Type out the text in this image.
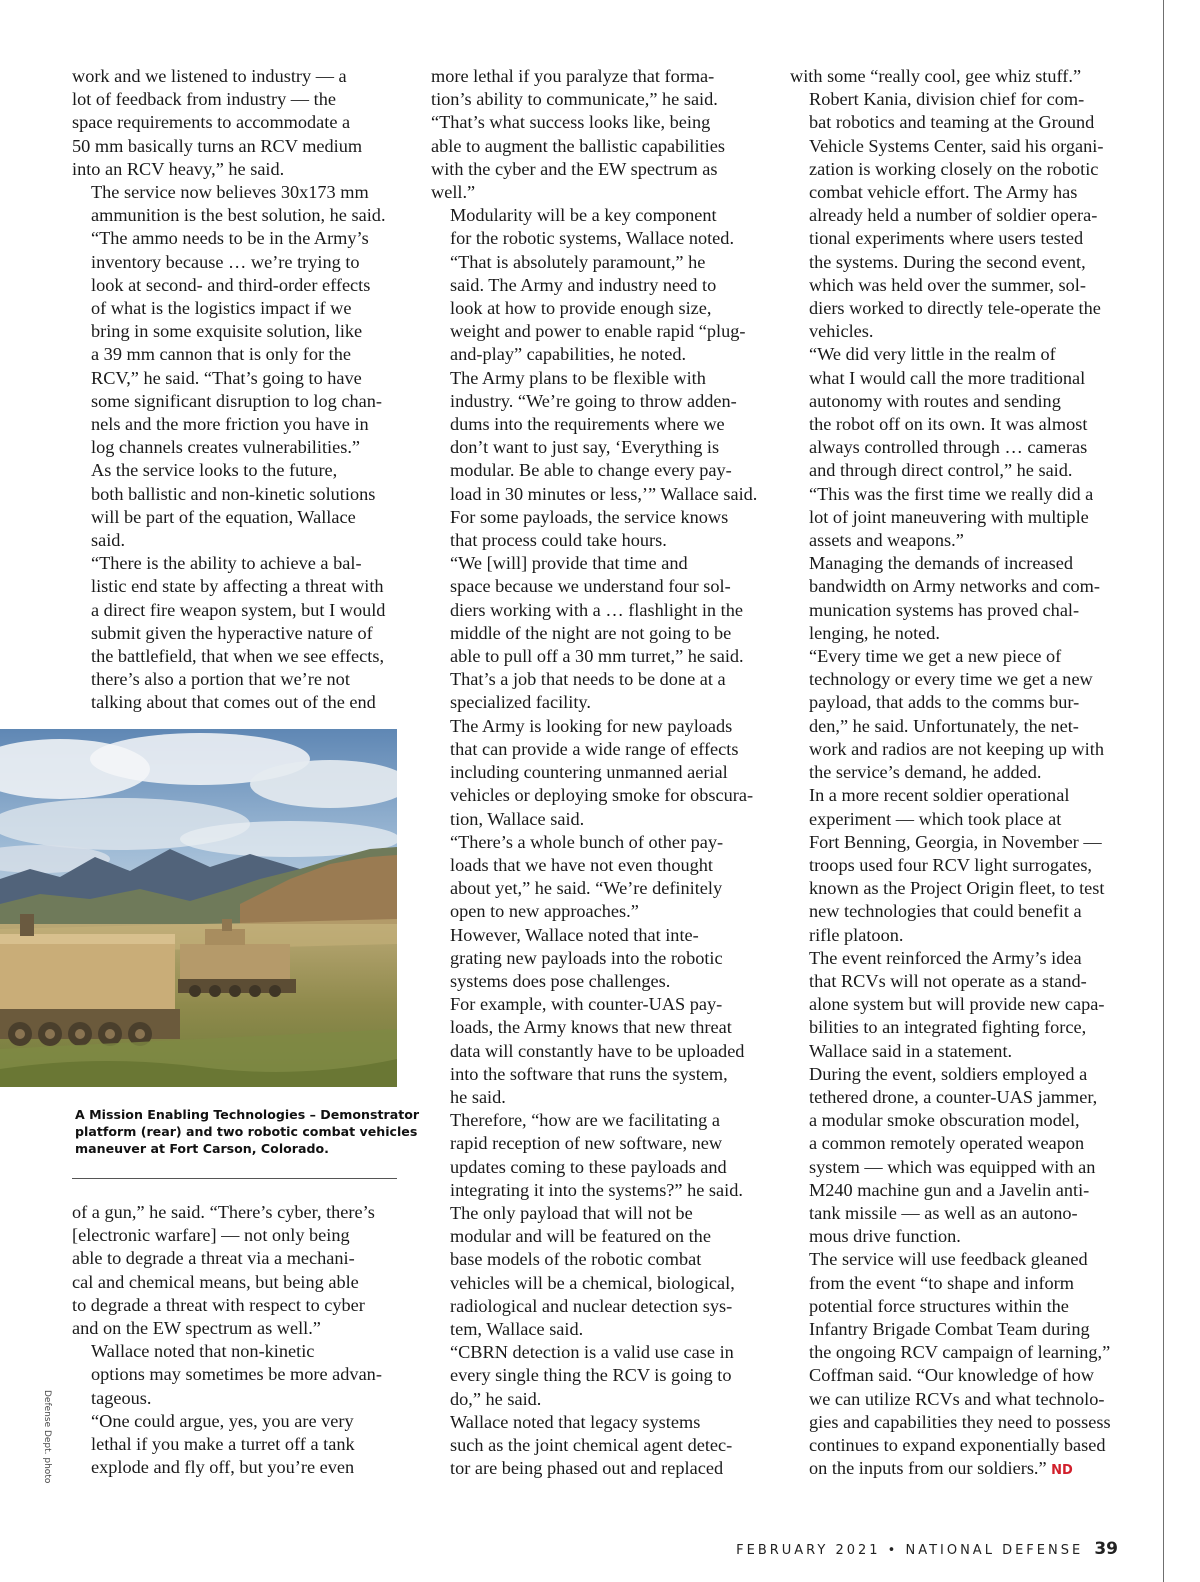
work and we listened to industry — a
lot of feedback from industry — the
space requirements to accommodate a
50 mm basically turns an RCV medium
into an RCV heavy,” he said.

The service now believes 30x173 mm
ammunition is the best solution, he said.

“The ammo needs to be in the Army’s
inventory because … we’re trying to
look at second- and third-order effects
of what is the logistics impact if we
bring in some exquisite solution, like
a 39 mm cannon that is only for the
RCV,” he said. “That’s going to have
some significant disruption to log chan-
nels and the more friction you have in
log channels creates vulnerabilities.”

As the service looks to the future,
both ballistic and non-kinetic solutions
will be part of the equation, Wallace
said.

“There is the ability to achieve a bal-
listic end state by affecting a threat with
a direct fire weapon system, but I would
submit given the hyperactive nature of
the battlefield, that when we see effects,
there’s also a portion that we’re not
talking about that comes out of the end

A Mission Enabling Technologies – Demonstrator
platform (rear) and two robotic combat vehicles
maneuver at Fort Carson, Colorado.
Defense Dept. photo

of a gun,” he said. “There’s cyber, there’s
[electronic warfare] — not only being
able to degrade a threat via a mechani-
cal and chemical means, but being able
to degrade a threat with respect to cyber
and on the EW spectrum as well.”

Wallace noted that non-kinetic
options may sometimes be more advan-
tageous.

“One could argue, yes, you are very
lethal if you make a turret off a tank
explode and fly off, but you’re even

more lethal if you paralyze that forma-
tion’s ability to communicate,” he said.
“That’s what success looks like, being
able to augment the ballistic capabilities
with the cyber and the EW spectrum as
well.”

Modularity will be a key component
for the robotic systems, Wallace noted.

“That is absolutely paramount,” he
said. The Army and industry need to
look at how to provide enough size,
weight and power to enable rapid “plug-
and-play” capabilities, he noted.

The Army plans to be flexible with
industry. “We’re going to throw adden-
dums into the requirements where we
don’t want to just say, ‘Everything is
modular. Be able to change every pay-
load in 30 minutes or less,’” Wallace said.
For some payloads, the service knows
that process could take hours.

“We [will] provide that time and
space because we understand four sol-
diers working with a … flashlight in the
middle of the night are not going to be
able to pull off a 30 mm turret,” he said.
That’s a job that needs to be done at a
specialized facility.

The Army is looking for new payloads
that can provide a wide range of effects
including countering unmanned aerial
vehicles or deploying smoke for obscura-
tion, Wallace said.

“There’s a whole bunch of other pay-
loads that we have not even thought
about yet,” he said. “We’re definitely
open to new approaches.”

However, Wallace noted that inte-
grating new payloads into the robotic
systems does pose challenges.

For example, with counter-UAS pay-
loads, the Army knows that new threat
data will constantly have to be uploaded
into the software that runs the system,
he said.

Therefore, “how are we facilitating a
rapid reception of new software, new
updates coming to these payloads and
integrating it into the systems?” he said.

The only payload that will not be
modular and will be featured on the
base models of the robotic combat
vehicles will be a chemical, biological,
radiological and nuclear detection sys-
tem, Wallace said.

“CBRN detection is a valid use case in
every single thing the RCV is going to
do,” he said.

Wallace noted that legacy systems
such as the joint chemical agent detec-
tor are being phased out and replaced

with some “really cool, gee whiz stuff.”

Robert Kania, division chief for com-
bat robotics and teaming at the Ground
Vehicle Systems Center, said his organi-
zation is working closely on the robotic
combat vehicle effort. The Army has
already held a number of soldier opera-
tional experiments where users tested
the systems. During the second event,
which was held over the summer, sol-
diers worked to directly tele-operate the
vehicles.

“We did very little in the realm of
what I would call the more traditional
autonomy with routes and sending
the robot off on its own. It was almost
always controlled through … cameras
and through direct control,” he said.
“This was the first time we really did a
lot of joint maneuvering with multiple
assets and weapons.”

Managing the demands of increased
bandwidth on Army networks and com-
munication systems has proved chal-
lenging, he noted.

“Every time we get a new piece of
technology or every time we get a new
payload, that adds to the comms bur-
den,” he said. Unfortunately, the net-
work and radios are not keeping up with
the service’s demand, he added.

In a more recent soldier operational
experiment — which took place at
Fort Benning, Georgia, in November —
troops used four RCV light surrogates,
known as the Project Origin fleet, to test
new technologies that could benefit a
rifle platoon.

The event reinforced the Army’s idea
that RCVs will not operate as a stand-
alone system but will provide new capa-
bilities to an integrated fighting force,
Wallace said in a statement.

During the event, soldiers employed a
tethered drone, a counter-UAS jammer,
a modular smoke obscuration model,
a common remotely operated weapon
system — which was equipped with an
M240 machine gun and a Javelin anti-
tank missile — as well as an autono-
mous drive function.

The service will use feedback gleaned
from the event “to shape and inform
potential force structures within the
Infantry Brigade Combat Team during
the ongoing RCV campaign of learning,”
Coffman said. “Our knowledge of how
we can utilize RCVs and what technolo-
gies and capabilities they need to possess
continues to expand exponentially based
on the inputs from our soldiers.” ND

FEBRUARY 2021 • NATIONAL DEFENSE 39
